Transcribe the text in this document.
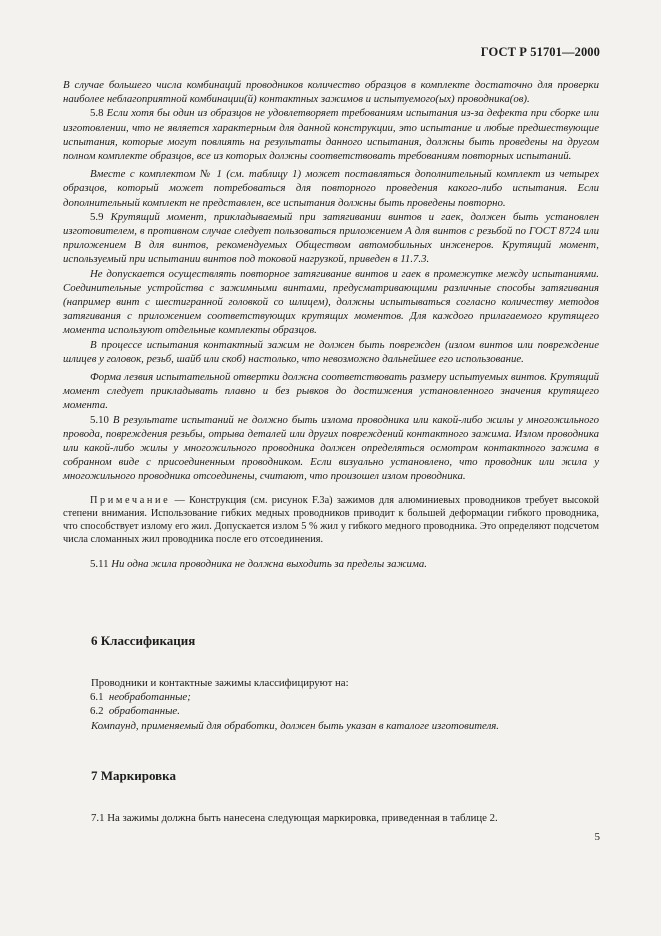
ГОСТ Р 51701—2000

В случае большего числа комбинаций проводников количество образцов в комплекте достаточно для проверки наиболее неблагоприятной комбинации(й) контактных зажимов и испытуемого(ых) проводника(ов).

5.8 Если хотя бы один из образцов не удовлетворяет требованиям испытания из-за дефекта при сборке или изготовлении, что не является характерным для данной конструкции, это испытание и любые предшествующие испытания, которые могут повлиять на результаты данного испытания, должны быть проведены на другом полном комплекте образцов, все из которых должны соответствовать требованиям повторных испытаний.

Вместе с комплектом № 1 (см. таблицу 1) может поставляться дополнительный комплект из четырех образцов, который может потребоваться для повторного проведения какого-либо испытания. Если дополнительный комплект не представлен, все испытания должны быть проведены повторно.

5.9 Крутящий момент, прикладываемый при затягивании винтов и гаек, должен быть установлен изготовителем, в противном случае следует пользоваться приложением А для винтов с резьбой по ГОСТ 8724 или приложением В для винтов, рекомендуемых Обществом автомобильных инженеров. Крутящий момент, используемый при испытании винтов под токовой нагрузкой, приведен в 11.7.3.

Не допускается осуществлять повторное затягивание винтов и гаек в промежутке между испытаниями. Соединительные устройства с зажимными винтами, предусматривающими различные способы затягивания (например винт с шестигранной головкой со шлицем), должны испытываться согласно количеству методов затягивания с приложением соответствующих крутящих моментов. Для каждого прилагаемого крутящего момента используют отдельные комплекты образцов.

В процессе испытания контактный зажим не должен быть поврежден (излом винтов или повреждение шлицев у головок, резьб, шайб или скоб) настолько, что невозможно дальнейшее его использование.

Форма лезвия испытательной отвертки должна соответствовать размеру испытуемых винтов. Крутящий момент следует прикладывать плавно и без рывков до достижения установленного значения крутящего момента.

5.10 В результате испытаний не должно быть излома проводника или какой-либо жилы у многожильного провода, повреждения резьбы, отрыва деталей или других повреждений контактного зажима. Излом проводника или какой-либо жилы у многожильного проводника должен определяться осмотром контактного зажима в собранном виде с присоединенным проводником. Если визуально установлено, что проводник или жила у многожильного проводника отсоединены, считают, что произошел излом проводника.

Примечание — Конструкция (см. рисунок F.3а) зажимов для алюминиевых проводников требует высокой степени внимания. Использование гибких медных проводников приводит к большей деформации гибкого проводника, что способствует излому его жил. Допускается излом 5 % жил у гибкого медного проводника. Это определяют подсчетом числа сломанных жил проводника после его отсоединения.

5.11 Ни одна жила проводника не должна выходить за пределы зажима.

6 Классификация
Проводники и контактные зажимы классифицируют на:
6.1 необработанные;
6.2 обработанные.
Компаунд, применяемый для обработки, должен быть указан в каталоге изготовителя.
7 Маркировка
7.1 На зажимы должна быть нанесена следующая маркировка, приведенная в таблице 2.
5
